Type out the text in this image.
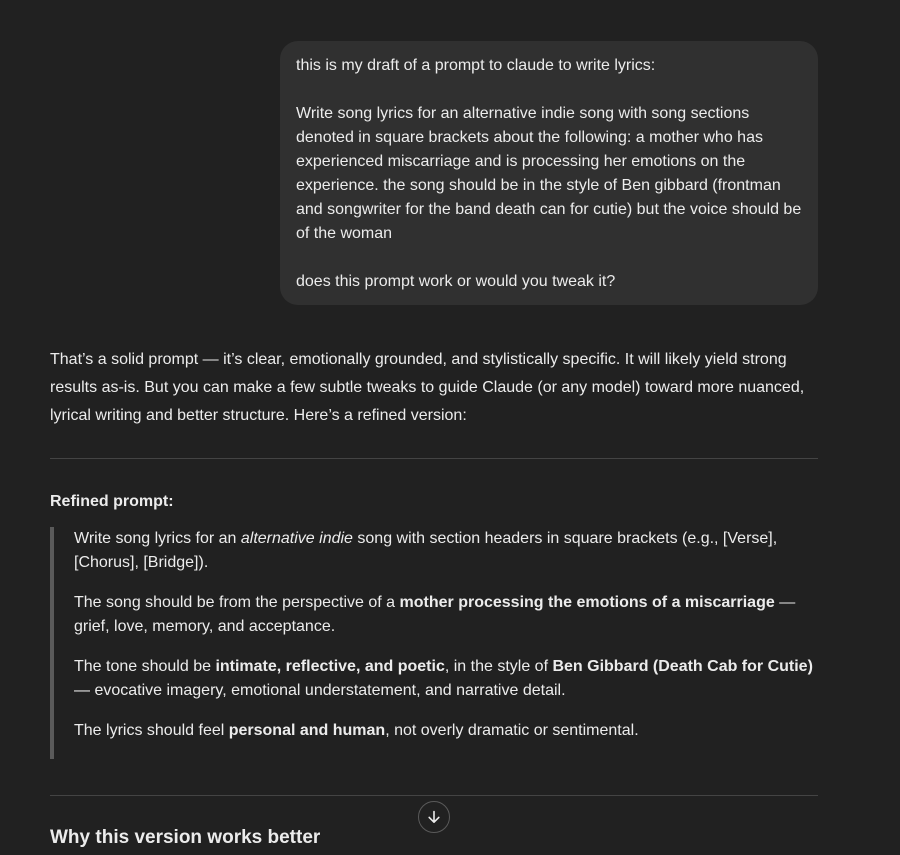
this is my draft of a prompt to claude to write lyrics:

Write song lyrics for an alternative indie song with song sections denoted in square brackets about the following: a mother who has experienced miscarriage and is processing her emotions on the experience. the song should be in the style of Ben gibbard (frontman and songwriter for the band death can for cutie) but the voice should be of the woman

does this prompt work or would you tweak it?

That’s a solid prompt — it’s clear, emotionally grounded, and stylistically specific. It will likely yield strong results as-is. But you can make a few subtle tweaks to guide Claude (or any model) toward more nuanced, lyrical writing and better structure. Here’s a refined version:

Refined prompt:

Write song lyrics for an alternative indie song with section headers in square brackets (e.g., [Verse], [Chorus], [Bridge]).

The song should be from the perspective of a mother processing the emotions of a miscarriage — grief, love, memory, and acceptance.

The tone should be intimate, reflective, and poetic, in the style of Ben Gibbard (Death Cab for Cutie) — evocative imagery, emotional understatement, and narrative detail.

The lyrics should feel personal and human, not overly dramatic or sentimental.

Why this version works better
